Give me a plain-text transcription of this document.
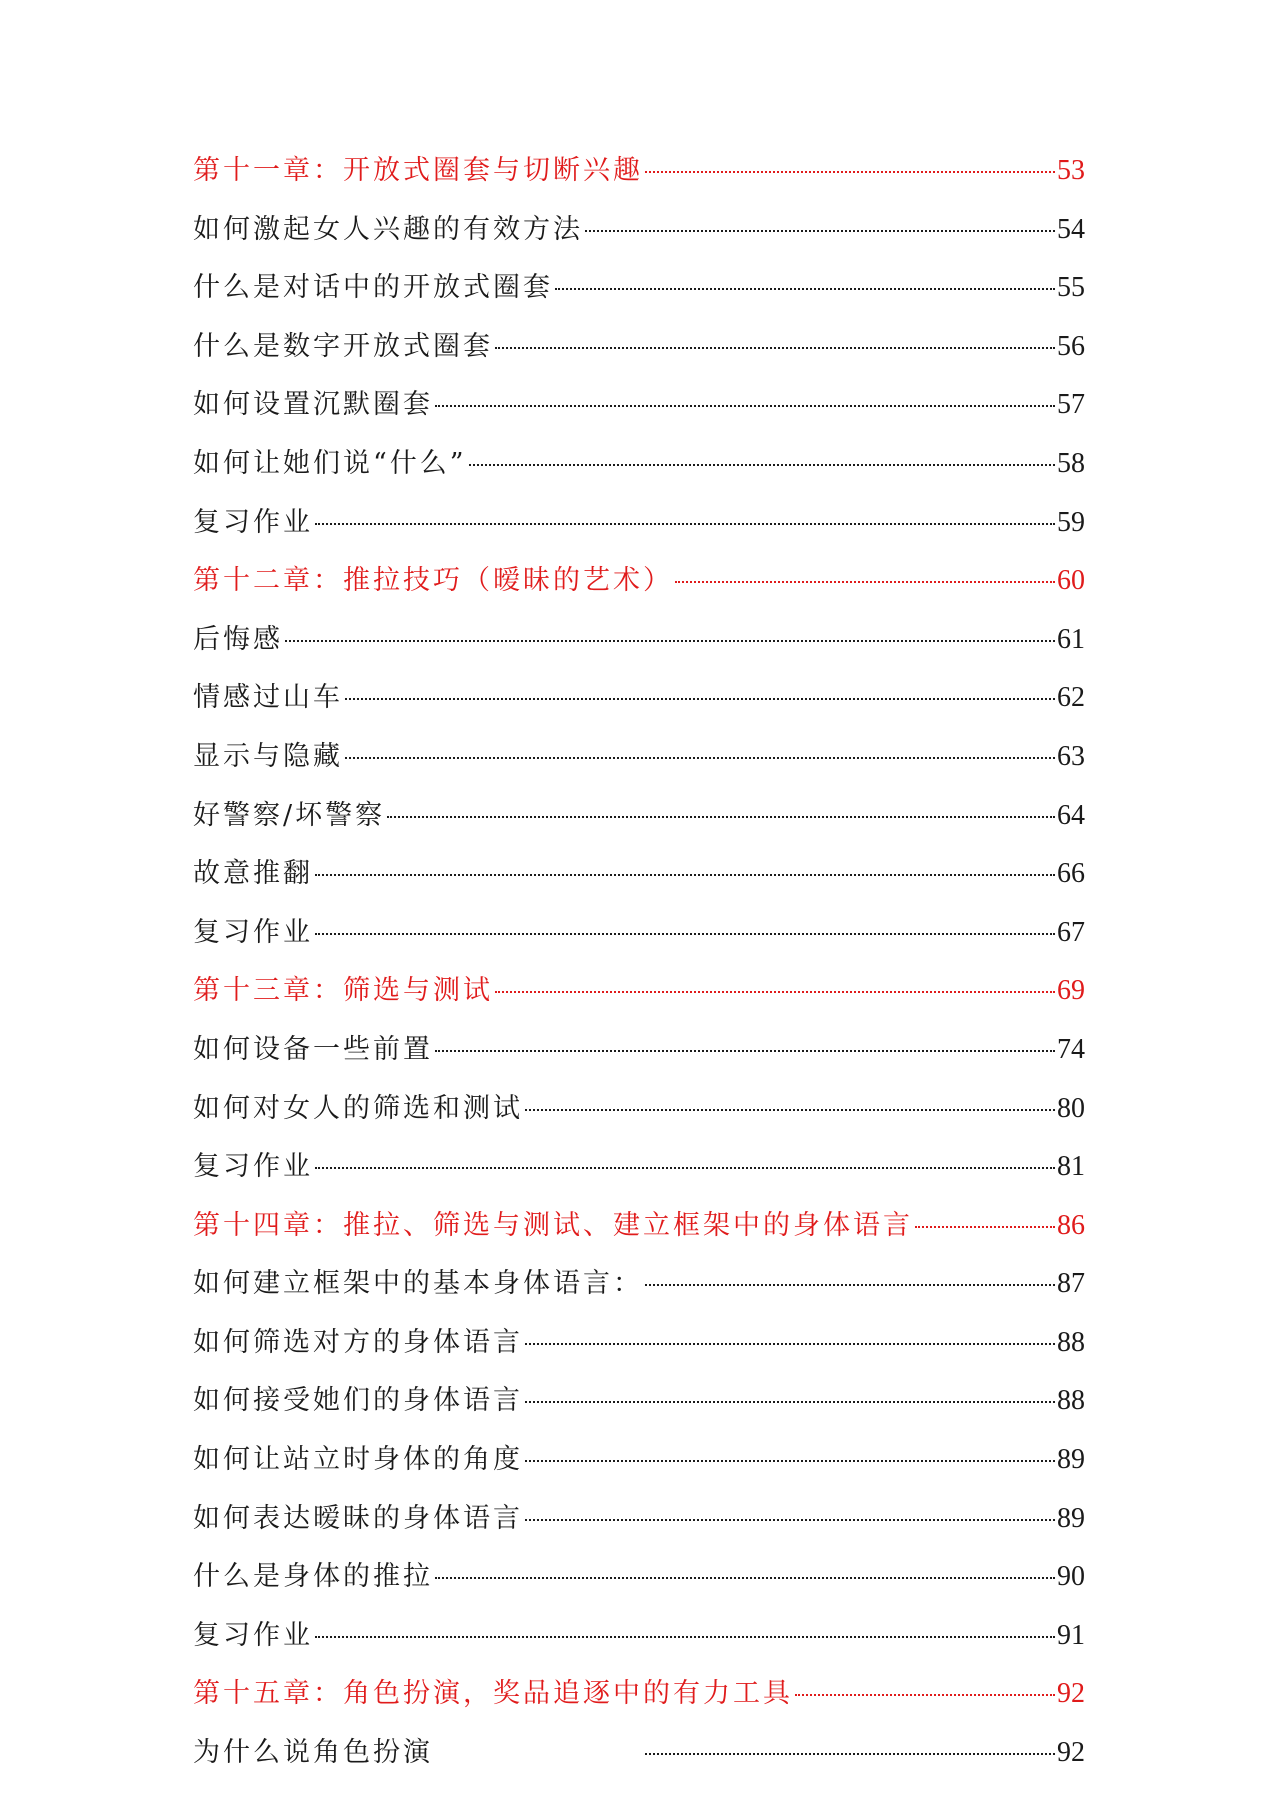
第十一章：开放式圈套与切断兴趣	53
如何激起女人兴趣的有效方法	54
什么是对话中的开放式圈套	55
什么是数字开放式圈套	56
如何设置沉默圈套	57
如何让她们说“什么”	58
复习作业	59
第十二章：推拉技巧（暧昧的艺术）	60
后悔感	61
情感过山车	62
显示与隐藏	63
好警察/坏警察	64
故意推翻	66
复习作业	67
第十三章：筛选与测试	69
如何设备一些前置	74
如何对女人的筛选和测试	80
复习作业	81
第十四章：推拉、筛选与测试、建立框架中的身体语言	86
如何建立框架中的基本身体语言：	87
如何筛选对方的身体语言	88
如何接受她们的身体语言	88
如何让站立时身体的角度	89
如何表达暧昧的身体语言	89
什么是身体的推拉	90
复习作业	91
第十五章：角色扮演，奖品追逐中的有力工具	92
为什么说角色扮演	92
